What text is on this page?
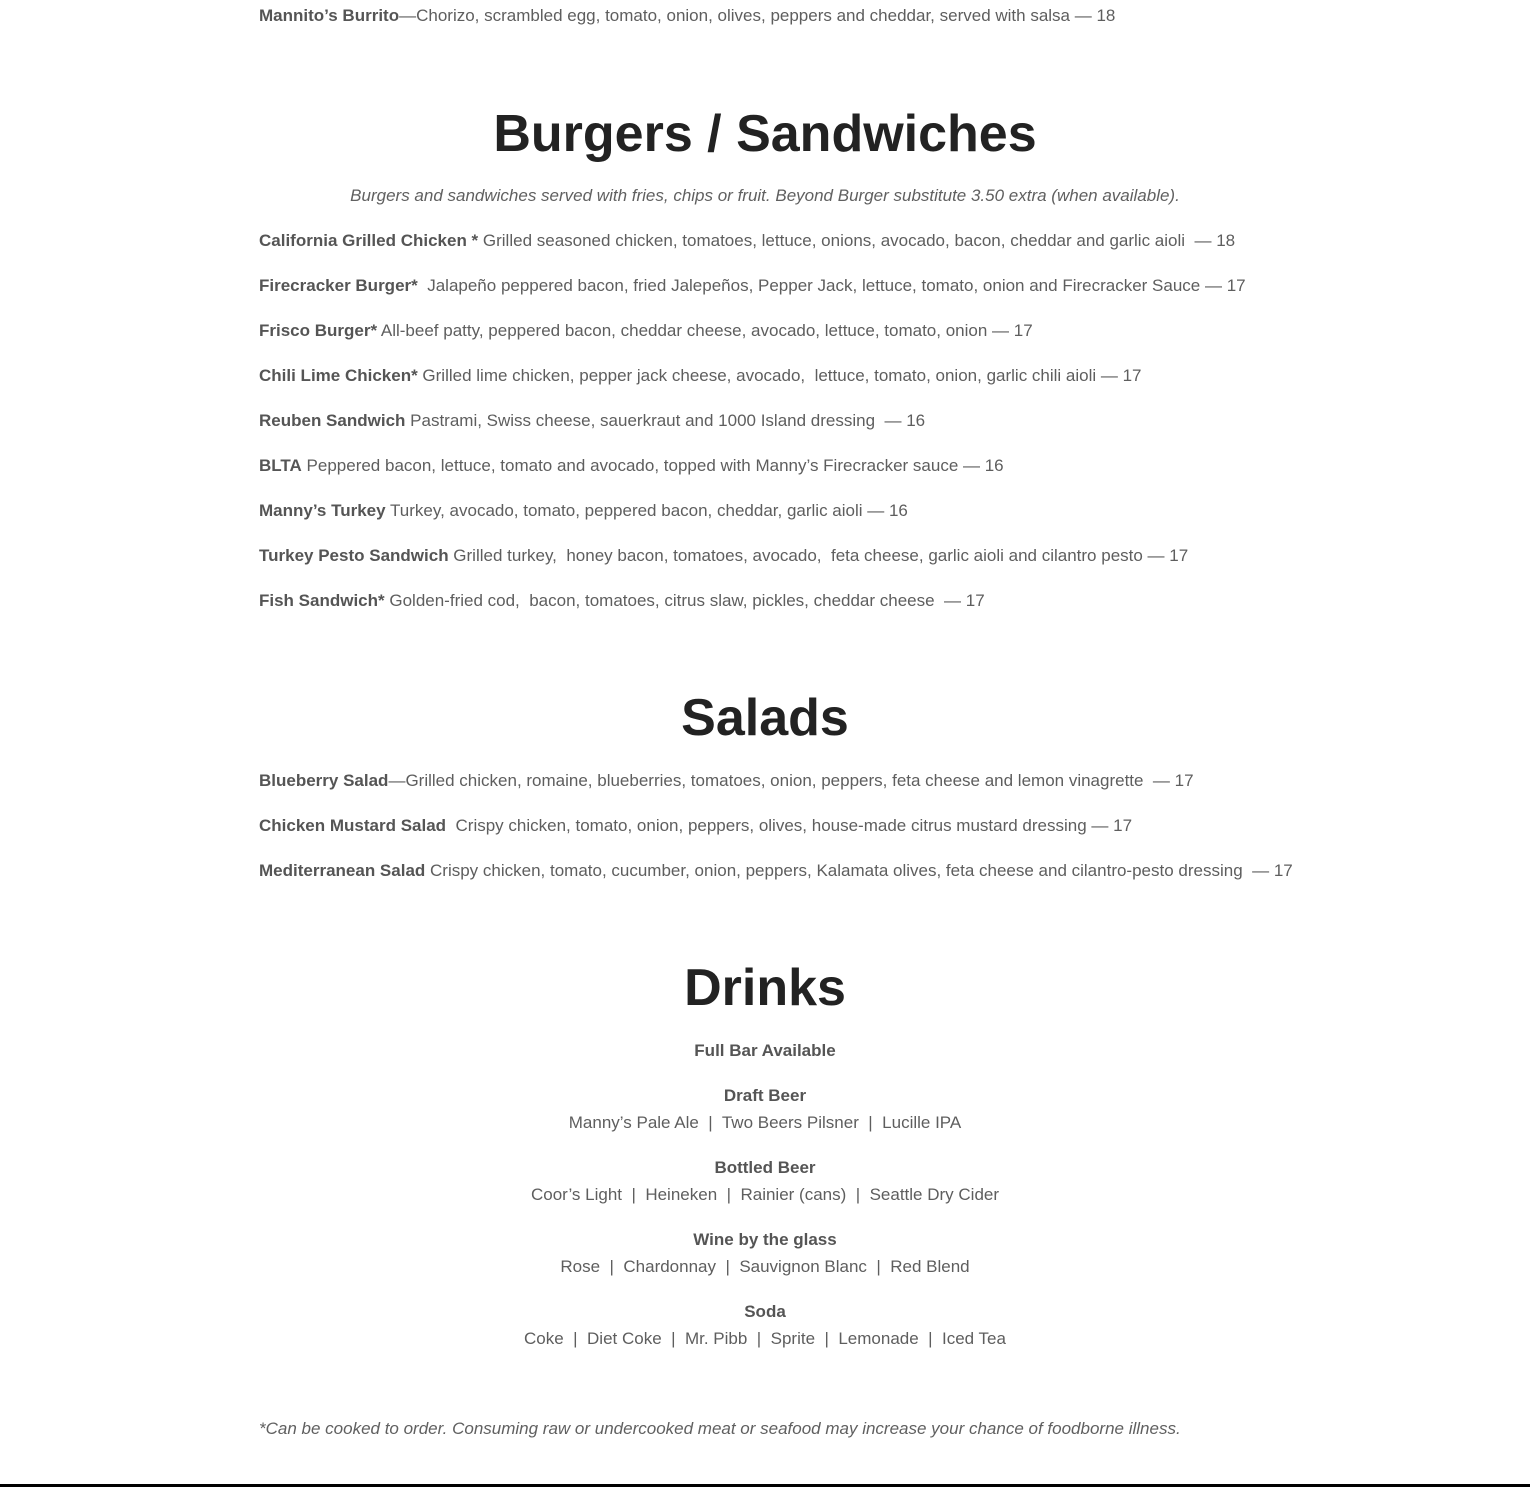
Mannito’s Burrito—Chorizo, scrambled egg, tomato, onion, olives, peppers and cheddar, served with salsa — 18
Burgers / Sandwiches
Burgers and sandwiches served with fries, chips or fruit. Beyond Burger substitute 3.50 extra (when available).
California Grilled Chicken * Grilled seasoned chicken, tomatoes, lettuce, onions, avocado, bacon, cheddar and garlic aioli  — 18
Firecracker Burger*  Jalapeño peppered bacon, fried Jalepeños, Pepper Jack, lettuce, tomato, onion and Firecracker Sauce — 17
Frisco Burger* All-beef patty, peppered bacon, cheddar cheese, avocado, lettuce, tomato, onion — 17
Chili Lime Chicken* Grilled lime chicken, pepper jack cheese, avocado,  lettuce, tomato, onion, garlic chili aioli — 17
Reuben Sandwich Pastrami, Swiss cheese, sauerkraut and 1000 Island dressing  — 16
BLTA Peppered bacon, lettuce, tomato and avocado, topped with Manny’s Firecracker sauce — 16
Manny’s Turkey Turkey, avocado, tomato, peppered bacon, cheddar, garlic aioli — 16
Turkey Pesto Sandwich Grilled turkey,  honey bacon, tomatoes, avocado,  feta cheese, garlic aioli and cilantro pesto — 17
Fish Sandwich* Golden-fried cod,  bacon, tomatoes, citrus slaw, pickles, cheddar cheese  — 17
Salads
Blueberry Salad—Grilled chicken, romaine, blueberries, tomatoes, onion, peppers, feta cheese and lemon vinagrette  — 17
Chicken Mustard Salad  Crispy chicken, tomato, onion, peppers, olives, house-made citrus mustard dressing — 17
Mediterranean Salad Crispy chicken, tomato, cucumber, onion, peppers, Kalamata olives, feta cheese and cilantro-pesto dressing  — 17
Drinks
Full Bar Available
Draft Beer
Manny’s Pale Ale  |  Two Beers Pilsner  |  Lucille IPA
Bottled Beer
Coor’s Light  |  Heineken  |  Rainier (cans)  |  Seattle Dry Cider
Wine by the glass
Rose  |  Chardonnay  |  Sauvignon Blanc  |  Red Blend
Soda
Coke  |  Diet Coke  |  Mr. Pibb  |  Sprite  |  Lemonade  |  Iced Tea
*Can be cooked to order. Consuming raw or undercooked meat or seafood may increase your chance of foodborne illness.
